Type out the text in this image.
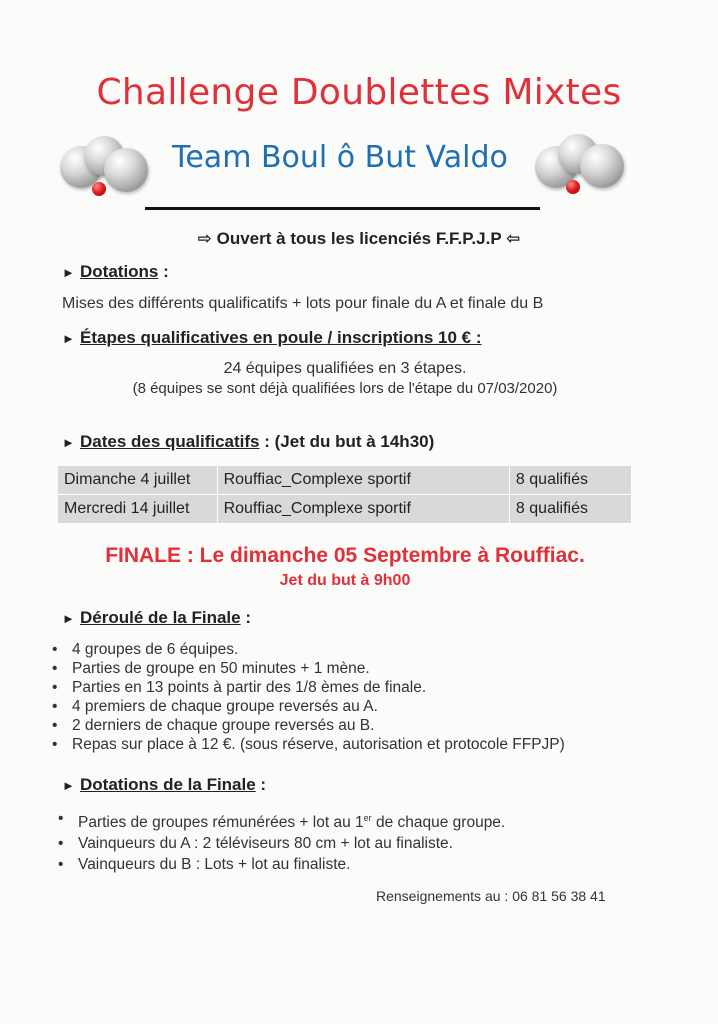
Challenge Doublettes Mixtes
Team Boul ô But Valdo
⇨ Ouvert à tous les licenciés F.F.P.J.P ⇦
► Dotations :
Mises des différents qualificatifs + lots pour finale du A et finale du B
► Étapes qualificatives en poule / inscriptions 10 € :
24 équipes qualifiées en 3 étapes.
(8 équipes se sont déjà qualifiées lors de l'étape du 07/03/2020)
► Dates des qualificatifs : (Jet du but à 14h30)
Dimanche 4 juillet	Rouffiac_Complexe sportif	8 qualifiés
Mercredi 14 juillet	Rouffiac_Complexe sportif	8 qualifiés
FINALE : Le dimanche 05 Septembre à Rouffiac.
Jet du but à 9h00
► Déroulé de la Finale :
• 4 groupes de 6 équipes.
• Parties de groupe en 50 minutes + 1 mène.
• Parties en 13 points à partir des 1/8 èmes de finale.
• 4 premiers de chaque groupe reversés au A.
• 2 derniers de chaque groupe reversés au B.
• Repas sur place à 12 €. (sous réserve, autorisation et protocole FFPJP)
► Dotations de la Finale :
• Parties de groupes rémunérées + lot au 1er de chaque groupe.
• Vainqueurs du A : 2 téléviseurs 80 cm + lot au finaliste.
• Vainqueurs du B : Lots + lot au finaliste.
Renseignements au : 06 81 56 38 41
